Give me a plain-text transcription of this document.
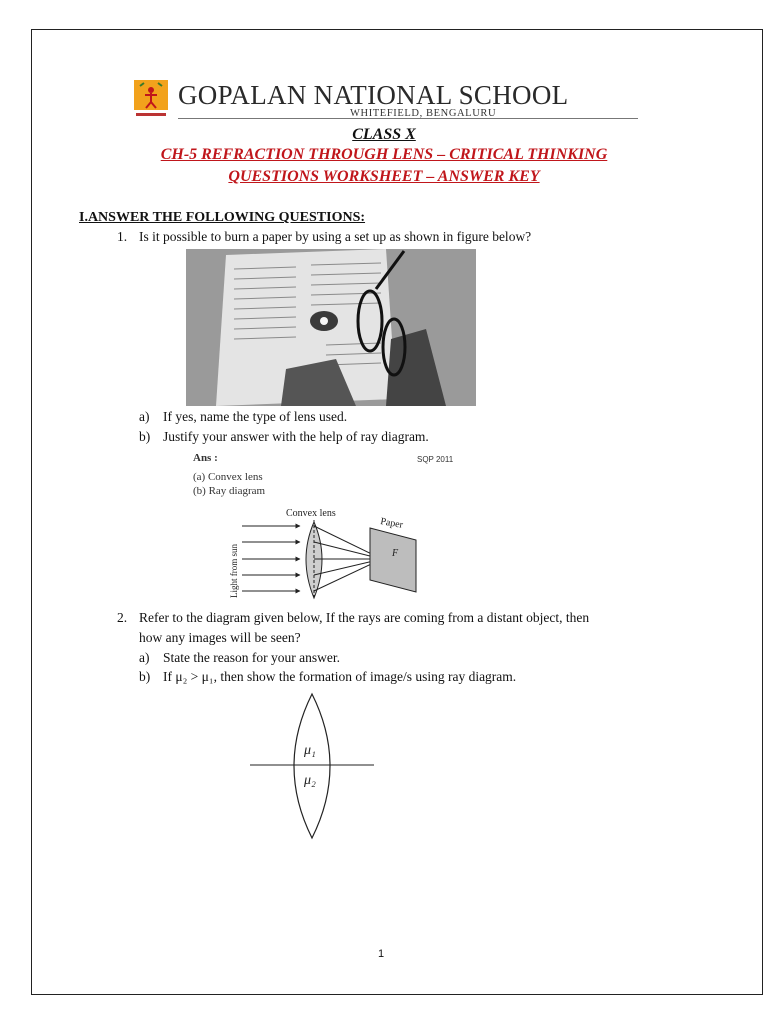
GOPALAN NATIONAL SCHOOL
WHITEFIELD, BENGALURU
CLASS X
CH-5 REFRACTION THROUGH LENS – CRITICAL THINKING
QUESTIONS WORKSHEET – ANSWER KEY
I.ANSWER THE FOLLOWING QUESTIONS:
1. Is it possible to burn a paper by using a set up as shown in figure below?
a) If yes, name the type of lens used.
b) Justify your answer with the help of ray diagram.
Ans :	SQP 2011
(a) Convex lens
(b) Ray diagram
Convex lens
Light from sun
Paper
F
2. Refer to the diagram given below, If the rays are coming from a distant object, then
how any images will be seen?
a) State the reason for your answer.
b) If μ₂ > μ₁, then show the formation of image/s using ray diagram.
μ₁
μ₂
1
